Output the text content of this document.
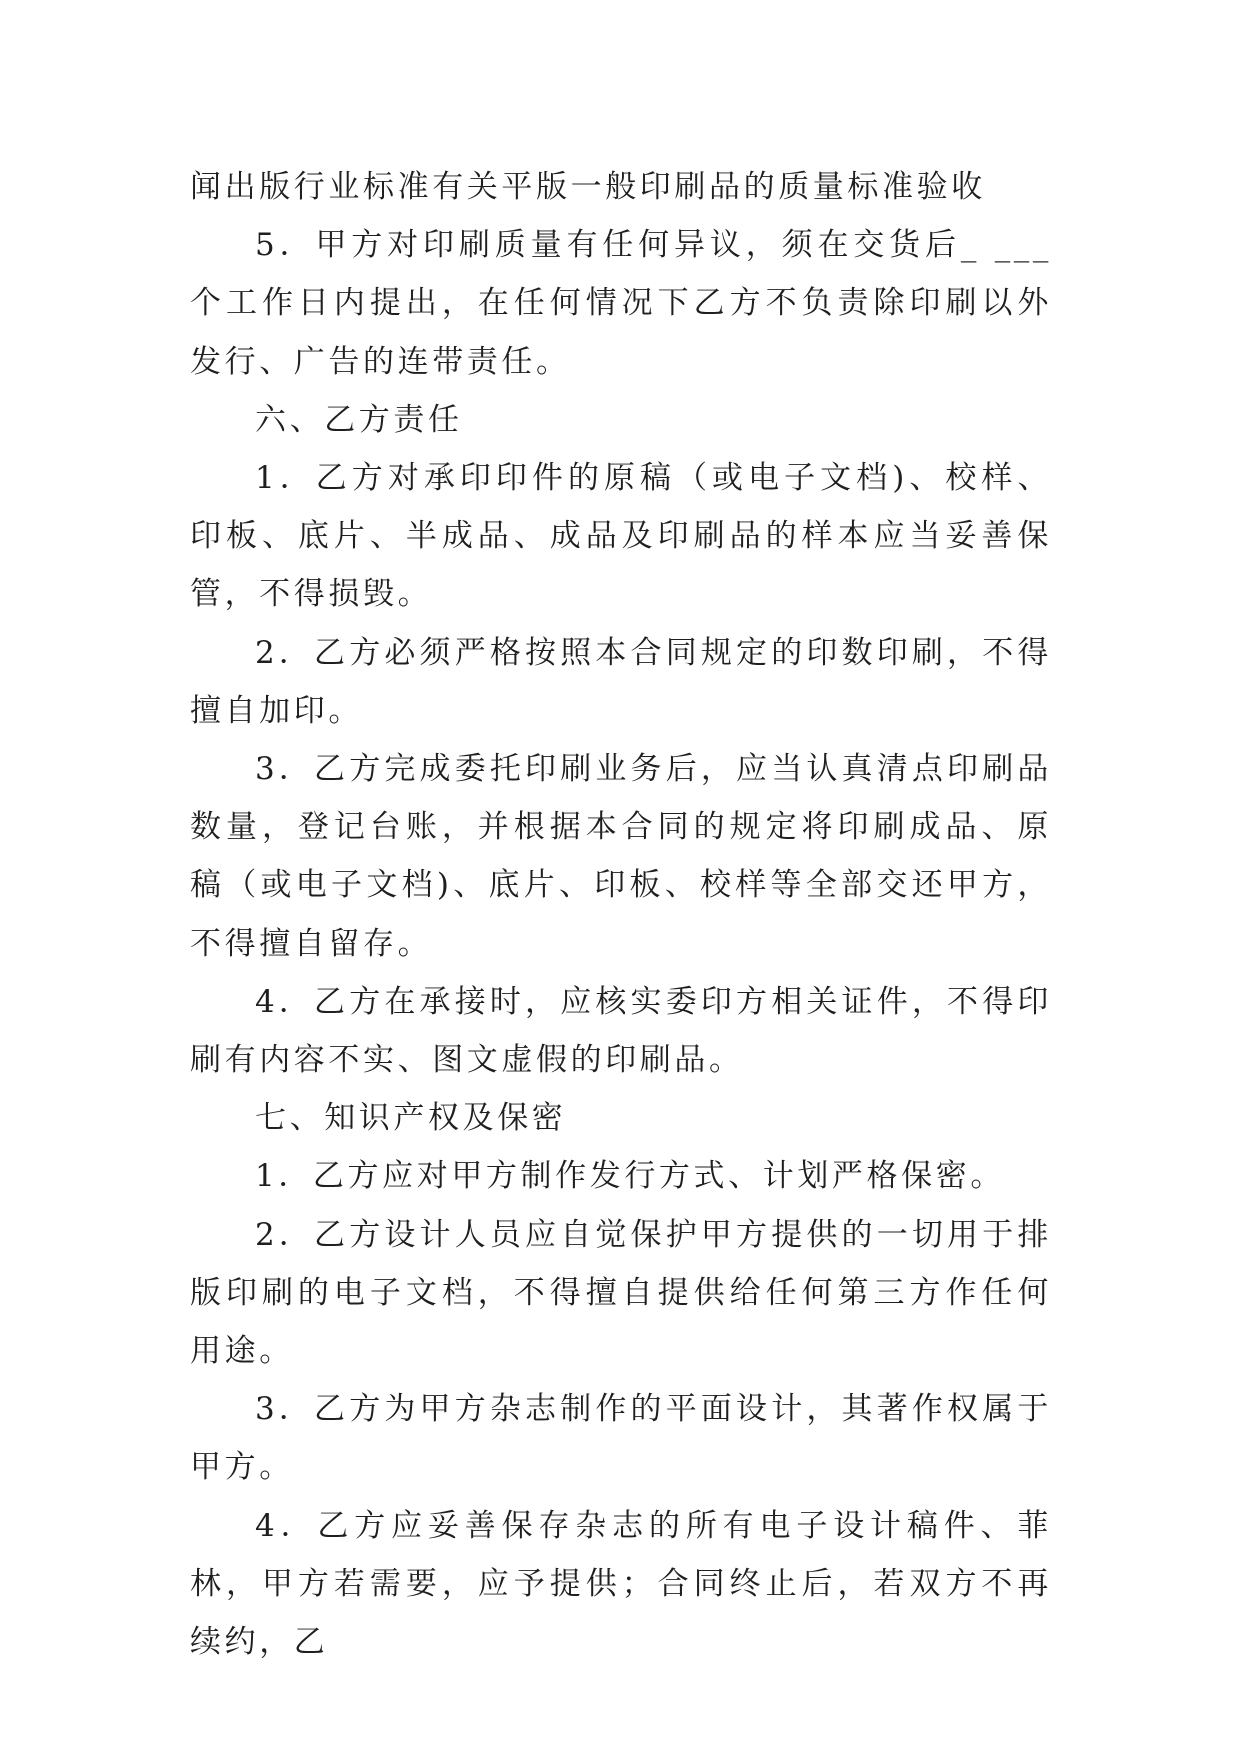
闻出版行业标准有关平版一般印刷品的质量标准验收

5．甲方对印刷质量有任何异议，须在交货后_ ___个工作日内提出，在任何情况下乙方不负责除印刷以外发行、广告的连带责任。

六、乙方责任

1．乙方对承印印件的原稿（或电子文档)、校样、印板、底片、半成品、成品及印刷品的样本应当妥善保管，不得损毁。

2．乙方必须严格按照本合同规定的印数印刷，不得擅自加印。

3．乙方完成委托印刷业务后，应当认真清点印刷品数量，登记台账，并根据本合同的规定将印刷成品、原稿（或电子文档)、底片、印板、校样等全部交还甲方，不得擅自留存。

4．乙方在承接时，应核实委印方相关证件，不得印刷有内容不实、图文虚假的印刷品。

七、知识产权及保密

1．乙方应对甲方制作发行方式、计划严格保密。

2．乙方设计人员应自觉保护甲方提供的一切用于排版印刷的电子文档，不得擅自提供给任何第三方作任何用途。

3．乙方为甲方杂志制作的平面设计，其著作权属于甲方。

4．乙方应妥善保存杂志的所有电子设计稿件、菲林，甲方若需要，应予提供；合同终止后，若双方不再续约，乙
